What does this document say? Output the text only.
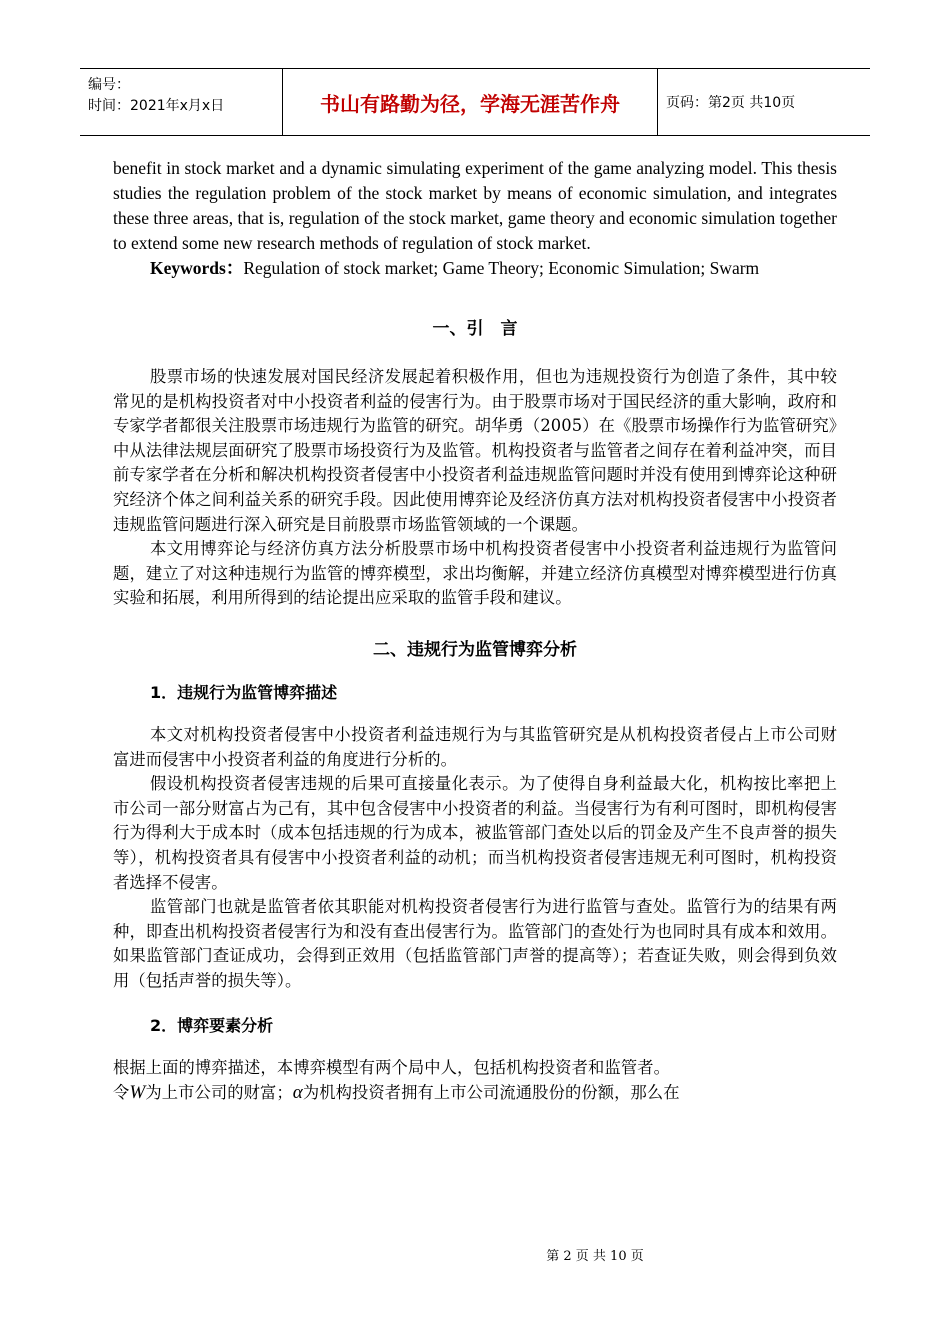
编号：
时间：2021年x月x日	书山有路勤为径，学海无涯苦作舟	页码：第2页 共10页

benefit in stock market and a dynamic simulating experiment of the game analyzing model. This thesis studies the regulation problem of the stock market by means of economic simulation, and integrates these three areas, that is, regulation of the stock market, game theory and economic simulation together to extend some new research methods of regulation of stock market.

Keywords：Regulation of stock market; Game Theory; Economic Simulation; Swarm

一、引　言

股票市场的快速发展对国民经济发展起着积极作用，但也为违规投资行为创造了条件，其中较常见的是机构投资者对中小投资者利益的侵害行为。由于股票市场对于国民经济的重大影响，政府和专家学者都很关注股票市场违规行为监管的研究。胡华勇（2005）在《股票市场操作行为监管研究》中从法律法规层面研究了股票市场投资行为及监管。机构投资者与监管者之间存在着利益冲突，而目前专家学者在分析和解决机构投资者侵害中小投资者利益违规监管问题时并没有使用到博弈论这种研究经济个体之间利益关系的研究手段。因此使用博弈论及经济仿真方法对机构投资者侵害中小投资者违规监管问题进行深入研究是目前股票市场监管领域的一个课题。

本文用博弈论与经济仿真方法分析股票市场中机构投资者侵害中小投资者利益违规行为监管问题，建立了对这种违规行为监管的博弈模型，求出均衡解，并建立经济仿真模型对博弈模型进行仿真实验和拓展，利用所得到的结论提出应采取的监管手段和建议。

二、违规行为监管博弈分析

1．违规行为监管博弈描述

本文对机构投资者侵害中小投资者利益违规行为与其监管研究是从机构投资者侵占上市公司财富进而侵害中小投资者利益的角度进行分析的。

假设机构投资者侵害违规的后果可直接量化表示。为了使得自身利益最大化，机构按比率把上市公司一部分财富占为己有，其中包含侵害中小投资者的利益。当侵害行为有利可图时，即机构侵害行为得利大于成本时（成本包括违规的行为成本，被监管部门查处以后的罚金及产生不良声誉的损失等），机构投资者具有侵害中小投资者利益的动机；而当机构投资者侵害违规无利可图时，机构投资者选择不侵害。

监管部门也就是监管者依其职能对机构投资者侵害行为进行监管与查处。监管行为的结果有两种，即查出机构投资者侵害行为和没有查出侵害行为。监管部门的查处行为也同时具有成本和效用。如果监管部门查证成功，会得到正效用（包括监管部门声誉的提高等）；若查证失败，则会得到负效用（包括声誉的损失等）。

2．博弈要素分析

根据上面的博弈描述，本博弈模型有两个局中人，包括机构投资者和监管者。

令W为上市公司的财富；α为机构投资者拥有上市公司流通股份的份额，那么在

第 2 页 共 10 页
